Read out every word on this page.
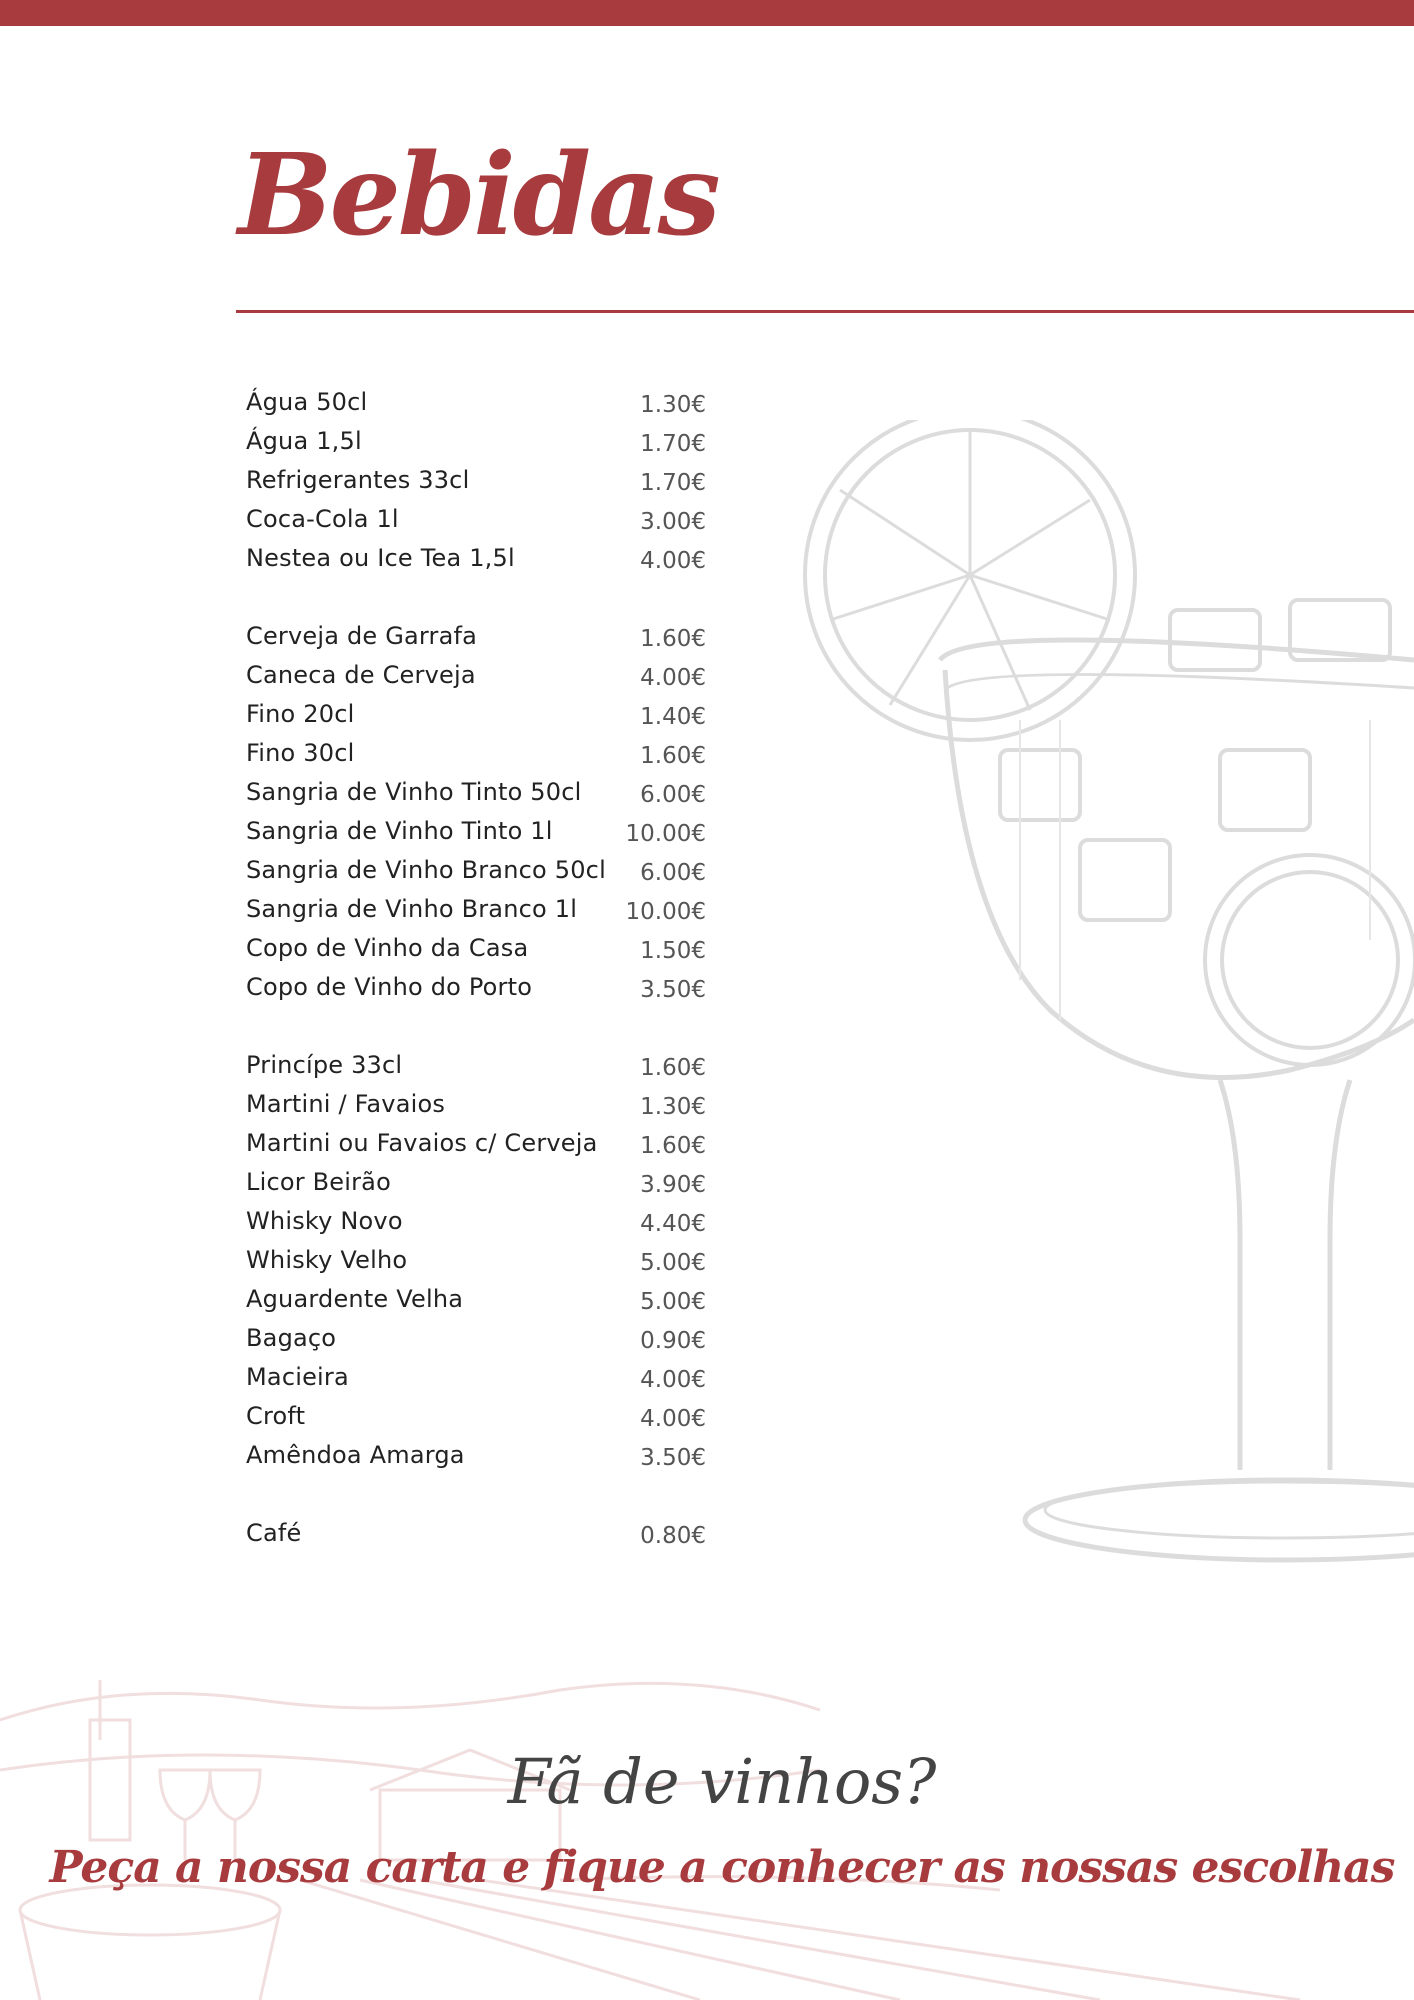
Bebidas
Água 50cl	1.30€
Água 1,5l	1.70€
Refrigerantes 33cl	1.70€
Coca-Cola 1l	3.00€
Nestea ou Ice Tea 1,5l	4.00€
Cerveja de Garrafa	1.60€
Caneca de Cerveja	4.00€
Fino 20cl	1.40€
Fino 30cl	1.60€
Sangria de Vinho Tinto 50cl	6.00€
Sangria de Vinho Tinto 1l	10.00€
Sangria de Vinho Branco 50cl 6.00€
Sangria de Vinho Branco 1l 10.00€
Copo de Vinho da Casa	1.50€
Copo de Vinho do Porto	3.50€
Princípe 33cl	1.60€
Martini / Favaios	1.30€
Martini ou Favaios c/ Cerveja 1.60€
Licor Beirão	3.90€
Whisky Novo	4.40€
Whisky Velho	5.00€
Aguardente Velha	5.00€
Bagaço	0.90€
Macieira	4.00€
Croft	4.00€
Amêndoa Amarga	3.50€
Café	0.80€
Fã de vinhos?
Peça a nossa carta e fique a conhecer as nossas escolhas
